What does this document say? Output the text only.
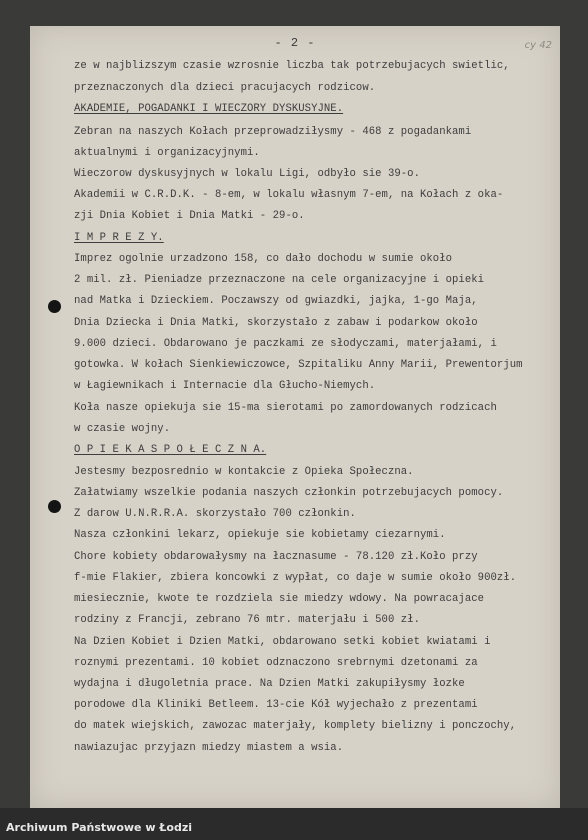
- 2 -	cy 42
ze w najblizszym czasie wzrosnie liczba tak potrzebujacych swietlic,
przeznaczonych dla dzieci pracujacych rodzicow.
AKADEMIE, POGADANKI I WIECZORY DYSKUSYJNE.
Zebran na naszych Kołach przeprowadziłysmy - 468 z pogadankami
aktualnymi i organizacyjnymi.
Wieczorow dyskusyjnych w lokalu Ligi, odbyło sie 39-o.
Akademii w C.R.D.K. - 8-em, w lokalu własnym 7-em, na Kołach z oka-
zji Dnia Kobiet i Dnia Matki - 29-o.
I M P R E Z Y.
Imprez ogolnie urzadzono 158, co dało dochodu w sumie około
2 mil. zł. Pieniadze przeznaczone na cele organizacyjne i opieki
nad Matka i Dzieckiem. Poczawszy od gwiazdki, jajka, 1-go Maja,
Dnia Dziecka i Dnia Matki, skorzystało z zabaw i podarkow około
9.000 dzieci. Obdarowano je paczkami ze słodyczami, materjałami, i
gotowka. W kołach Sienkiewiczowce, Szpitaliku Anny Marii, Prewentorjum
w Łagiewnikach i Internacie dla Głucho-Niemych.
Koła nasze opiekuja sie 15-ma sierotami po zamordowanych rodzicach
w czasie wojny.
O P I E K A S P O Ł E C Z N A.
Jestesmy bezposrednio w kontakcie z Opieka Społeczna.
Załatwiamy wszelkie podania naszych członkin potrzebujacych pomocy.
Z darow U.N.R.R.A. skorzystało 700 członkin.
Nasza członkini lekarz, opiekuje sie kobietamy ciezarnymi.
Chore kobiety obdarowałysmy na łacznasume - 78.120 zł.Koło przy
f-mie Flakier, zbiera koncowki z wypłat, co daje w sumie około 900zł.
miesiecznie, kwote te rozdziela sie miedzy wdowy. Na powracajace
rodziny z Francji, zebrano 76 mtr. materjału i 500 zł.
Na Dzien Kobiet i Dzien Matki, obdarowano setki kobiet kwiatami i
roznymi prezentami. 10 kobiet odznaczono srebrnymi dzetonami za
wydajna i długoletnia prace. Na Dzien Matki zakupiłysmy łozke
porodowe dla Kliniki Betleem. 13-cie Kół wyjechało z prezentami
do matek wiejskich, zawozac materjały, komplety bielizny i ponczochy,
nawiazujac przyjazn miedzy miastem a wsia.
Archiwum Państwowe w Łodzi
